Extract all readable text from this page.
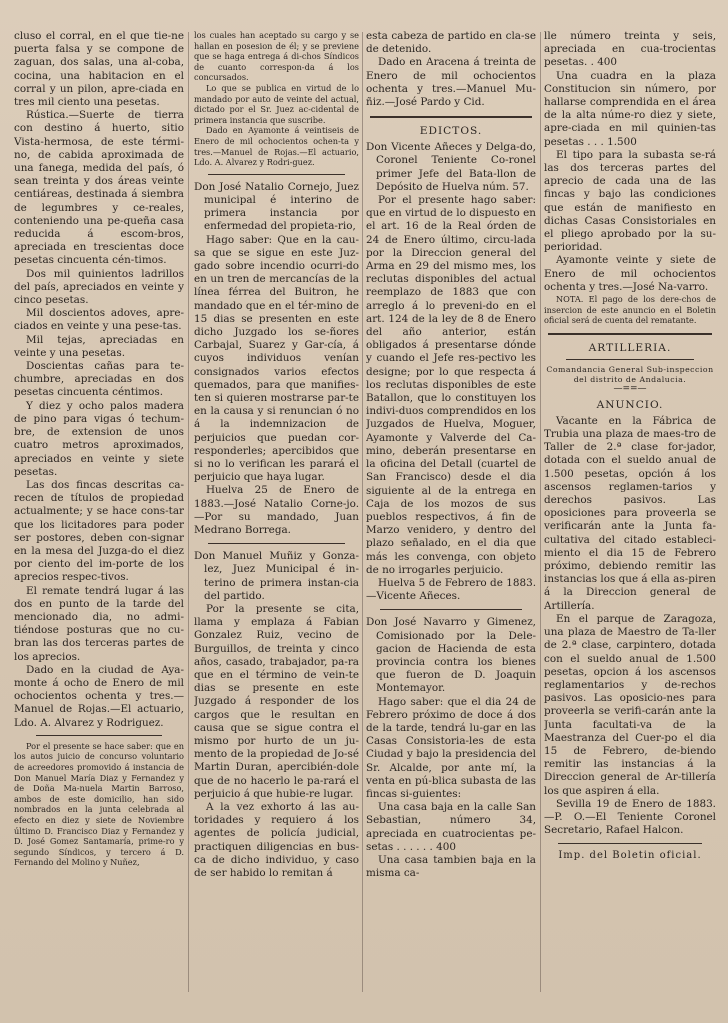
cluso el corral, en el que tie-ne puerta falsa y se compone de zaguan, dos salas, una al-coba, cocina, una habitacion en el corral y un pilon, apre-ciada en tres mil ciento una pesetas.

Rústica.—Suerte de tierra con destino á huerto, sitio Vista-hermosa, de este térmi-no, de cabida aproximada de una fanega, medida del país, ó sean treinta y dos áreas veinte centiáreas, destinada á siembra de legumbres y ce-reales, conteniendo una pe-queña casa reducida á escom-bros, apreciada en trescientas doce pesetas cincuenta cén-timos.

Dos mil quinientos ladrillos del país, apreciados en veinte y cinco pesetas.

Mil doscientos adoves, apre-ciados en veinte y una pese-tas.

Mil tejas, apreciadas en veinte y una pesetas.

Doscientas cañas para te-chumbre, apreciadas en dos pesetas cincuenta céntimos.

Y diez y ocho palos madera de pino para vigas ó techum-bre, de extension de unos cuatro metros aproximados, apreciados en veinte y siete pesetas.

Las dos fincas descritas ca-recen de títulos de propiedad actualmente; y se hace cons-tar que los licitadores para poder ser postores, deben con-signar en la mesa del Juzga-do el diez por ciento del im-porte de los aprecios respec-tivos.

El remate tendrá lugar á las dos en punto de la tarde del mencionado dia, no admi-tiéndose posturas que no cu-bran las dos terceras partes de los aprecios.

Dado en la ciudad de Aya-monte á ocho de Enero de mil ochocientos ochenta y tres.—Manuel de Rojas.—El actuario, Ldo. A. Alvarez y Rodriguez.

Por el presente se hace saber: que en los autos juicio de concurso voluntario de acreedores promovido á instancia de Don Manuel María Diaz y Fernandez y de Doña Ma-nuela Martin Barroso, ambos de este domicilio, han sido nombrados en la junta celebrada al efecto en diez y siete de Noviembre último D. Francisco Diaz y Fernandez y D. José Gomez Santamaría, prime-ro y segundo Síndicos, y tercero á D. Fernando del Molino y Nuñez,

los cuales han aceptado su cargo y se hallan en posesion de él; y se previene que se haga entrega á di-chos Síndicos de cuanto correspon-da á los concursados.

Lo que se publica en virtud de lo mandado por auto de veinte del actual, dictado por el Sr. Juez ac-cidental de primera instancia que suscribe.

Dado en Ayamonte á veintiseis de Enero de mil ochocientos ochen-ta y tres.—Manuel de Rojas.—El actuario, Ldo. A. Alvarez y Rodri-guez.

Don José Natalio Cornejo, Juez municipal é interino de primera instancia por enfermedad del propieta-rio,

Hago saber: Que en la cau-sa que se sigue en este Juz-gado sobre incendio ocurri-do en un tren de mercancías de la línea férrea del Buitron, he mandado que en el tér-mino de 15 dias se presenten en este dicho Juzgado los se-ñores Carbajal, Suarez y Gar-cía, á cuyos individuos venían consignados varios efectos quemados, para que manifies-ten si quieren mostrarse par-te en la causa y si renuncian ó no á la indemnizacion de perjuicios que puedan cor-responderles; apercibidos que si no lo verifican les parará el perjuicio que haya lugar.

Huelva 25 de Enero de 1883.—José Natalio Corne-jo.—Por su mandado, Juan Medrano Borrega.

Don Manuel Muñiz y Gonza-lez, Juez Municipal é in-terino de primera instan-cia del partido.

Por la presente se cita, llama y emplaza á Fabian Gonzalez Ruiz, vecino de Burguillos, de treinta y cinco años, casado, trabajador, pa-ra que en el término de vein-te dias se presente en este Juzgado á responder de los cargos que le resultan en causa que se sigue contra el mismo por hurto de un ju-mento de la propiedad de Jo-sé Martin Duran, apercibién-dole que de no hacerlo le pa-rará el perjuicio á que hubie-re lugar.

A la vez exhorto á las au-toridades y requiero á los agentes de policía judicial, practiquen diligencias en bus-ca de dicho individuo, y caso de ser habido lo remitan á

esta cabeza de partido en cla-se de detenido.

Dado en Aracena á treinta de Enero de mil ochocientos ochenta y tres.—Manuel Mu-ñiz.—José Pardo y Cid.

EDICTOS.

Don Vicente Añeces y Delga-do, Coronel Teniente Co-ronel primer Jefe del Bata-llon de Depósito de Huelva núm. 57.

Por el presente hago saber: que en virtud de lo dispuesto en el art. 16 de la Real órden de 24 de Enero último, circu-lada por la Direccion general del Arma en 29 del mismo mes, los reclutas disponibles del actual reemplazo de 1883 que con arreglo á lo preveni-do en el art. 124 de la ley de 8 de Enero del año anterior, están obligados á presentarse dónde y cuando el Jefe res-pectivo les designe; por lo que respecta á los reclutas disponibles de este Batallon, que lo constituyen los indivi-duos comprendidos en los Juzgados de Huelva, Moguer, Ayamonte y Valverde del Ca-mino, deberán presentarse en la oficina del Detall (cuartel de San Francisco) desde el dia siguiente al de la entrega en Caja de los mozos de sus pueblos respectivos, á fin de Marzo venidero, y dentro del plazo señalado, en el dia que más les convenga, con objeto de no irrogarles perjuicio.

Huelva 5 de Febrero de 1883.—Vicente Añeces.

Don José Navarro y Gimenez, Comisionado por la Dele-gacion de Hacienda de esta provincia contra los bienes que fueron de D. Joaquin Montemayor.

Hago saber: que el dia 24 de Febrero próximo de doce á dos de la tarde, tendrá lu-gar en las Casas Consistoria-les de esta Ciudad y bajo la presidencia del Sr. Alcalde, por ante mí, la venta en pú-blica subasta de las fincas si-guientes:

Una casa baja en la calle San Sebastian, número 34, apreciada en cuatrocientas pe-setas . . . . . . 400

Una casa tambien baja en la misma ca-

lle número treinta y seis, apreciada en cua-trocientas pesetas. . 400

Una cuadra en la plaza Constitucion sin número, por hallarse comprendida en el área de la alta núme-ro diez y siete, apre-ciada en mil quinien-tas pesetas . . . 1.500

El tipo para la subasta se-rá las dos terceras partes del aprecio de cada una de las fincas y bajo las condiciones que están de manifiesto en dichas Casas Consistoriales en el pliego aprobado por la su-perioridad.

Ayamonte veinte y siete de Enero de mil ochocientos ochenta y tres.—José Na-varro.

NOTA. El pago de los dere-chos de insercion de este anuncio en el Boletin oficial será de cuenta del rematante.

ARTILLERIA.
Comandancia General Sub-inspeccion
del distrito de Andalucia.
—==—
ANUNCIO.

Vacante en la Fábrica de Trubia una plaza de maes-tro de Taller de 2.ª clase for-jador, dotada con el sueldo anual de 1.500 pesetas, opción á los ascensos reglamen-tarios y derechos pasivos. Las oposiciones para proveerla se verificarán ante la Junta fa-cultativa del citado estableci-miento el dia 15 de Febrero próximo, debiendo remitir las instancias los que á ella as-piren á la Direccion general de Artillería.

En el parque de Zaragoza, una plaza de Maestro de Ta-ller de 2.ª clase, carpintero, dotada con el sueldo anual de 1.500 pesetas, opcion á los ascensos reglamentarios y de-rechos pasivos. Las oposicio-nes para proveerla se verifi-carán ante la Junta facultati-va de la Maestranza del Cuer-po el dia 15 de Febrero, de-biendo remitir las instancias á la Direccion general de Ar-tillería los que aspiren á ella.

Sevilla 19 de Enero de 1883.—P. O.—El Teniente Coronel Secretario, Rafael Halcon.

Imp. del Boletin oficial.
